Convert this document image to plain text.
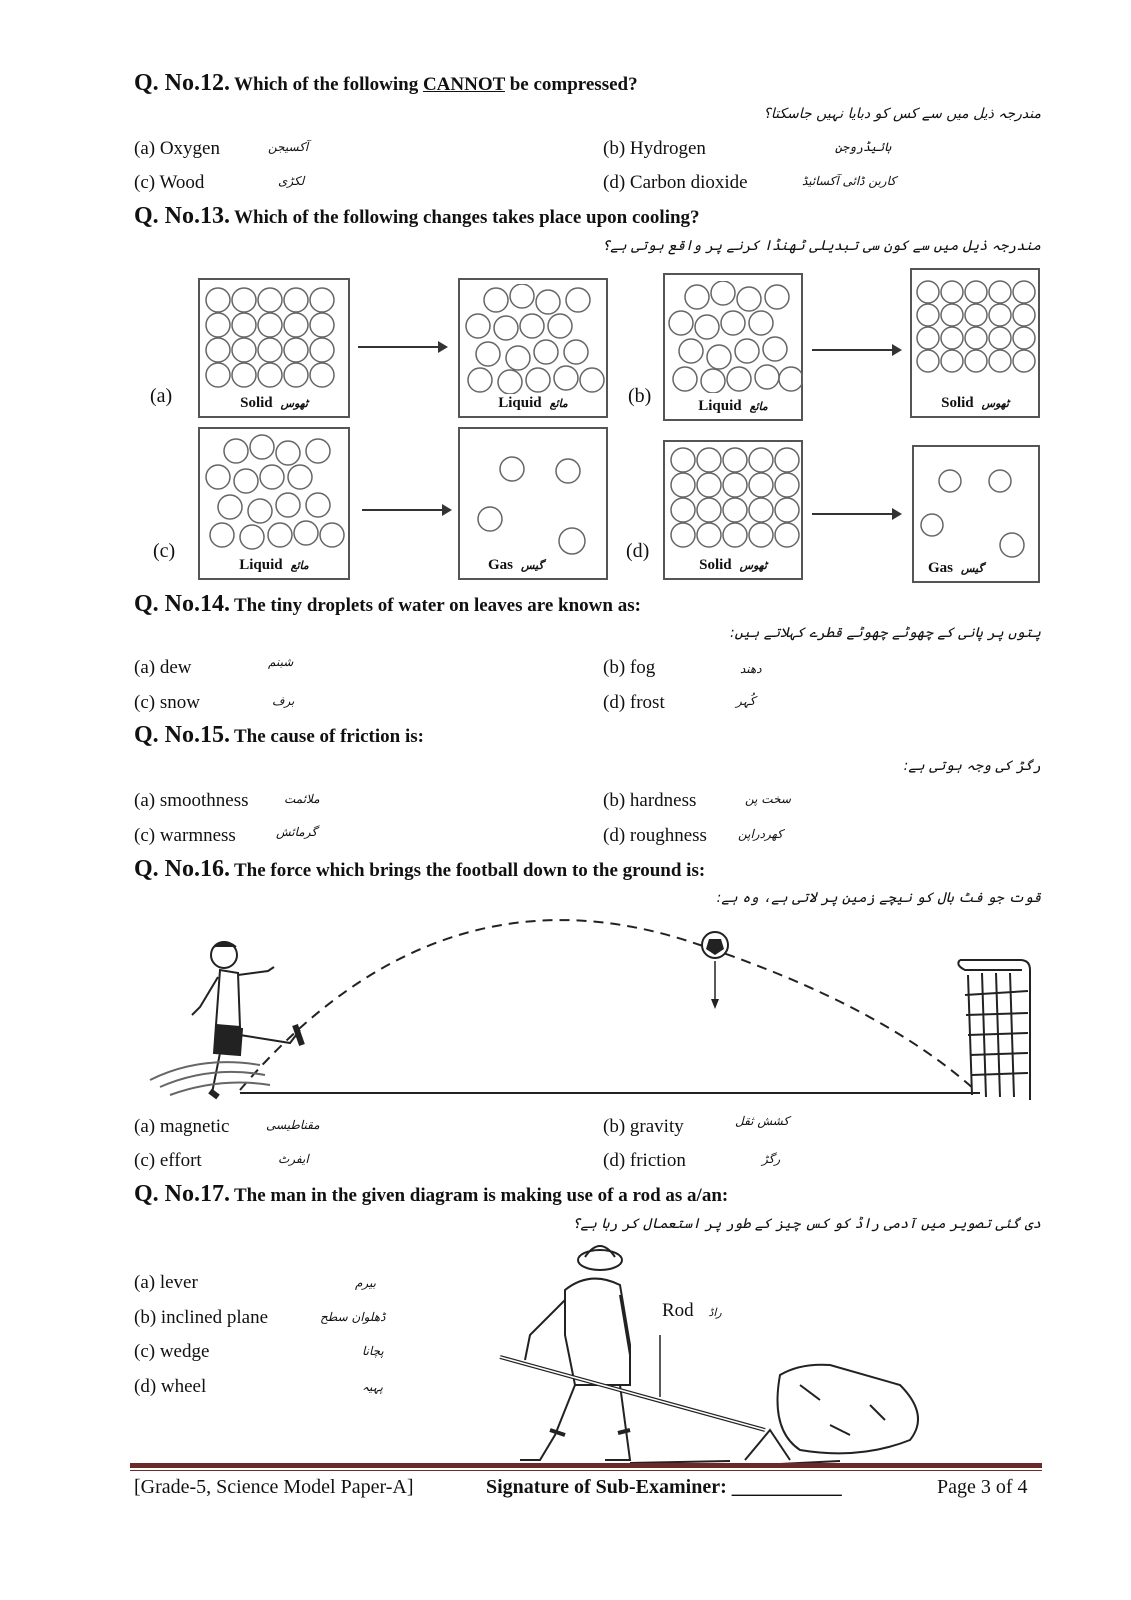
Q. No.12. Which of the following CANNOT be compressed?
مندرجہ ذیل میں سے کس کو دبایا نہیں جاسکتا؟
(a) Oxygen	آکسیجن	(b) Hydrogen	ہائیڈروجن
(c) Wood	لکڑی	(d) Carbon dioxide	کاربن ڈائی آکسائیڈ
Q. No.13. Which of the following changes takes place upon cooling?
مندرجہ ذیل میں سے کون سی تبدیلی ٹھنڈا کرنے پر واقع ہوتی ہے؟
(a)	Solid ٹھوس	Liquid مائع	(b)	Liquid مائع	Solid ٹھوس
(c)
Liquid مائع	Gas گیس
(d)
Solid ٹھوس	Gas گیس
Q. No.14. The tiny droplets of water on leaves are known as:
پتوں پر پانی کے چھوٹے چھوٹے قطرے کہلاتے ہیں:
(a) dew	شبنم	(b) fog	دھند
(c) snow	برف	(d) frost	کُہر
Q. No.15. The cause of friction is:
رگڑ کی وجہ ہوتی ہے:
(a) smoothness	ملائمت	(b) hardness	سخت پن
(c) warmness	گرمائش	(d) roughness	کھردراپن
Q. No.16. The force which brings the football down to the ground is:
قوت جو فٹ بال کو نیچے زمین پر لاتی ہے، وہ ہے:
(a) magnetic	مقناطیسی	(b) gravity	کشش ثقل
(c) effort	ایفرٹ	(d) friction	رگڑ
Q. No.17. The man in the given diagram is making use of a rod as a/an:
دی گئی تصویر میں آدمی راڈ کو کس چیز کے طور پر استعمال کر رہا ہے؟
(a) lever	بیرم
(b) inclined plane	ڈھلوان سطح
(c) wedge	پچانا
(d) wheel	پہیہ
Rod راڈ
[Grade-5, Science Model Paper-A]	Signature of Sub-Examiner: ___________	Page 3 of 4
